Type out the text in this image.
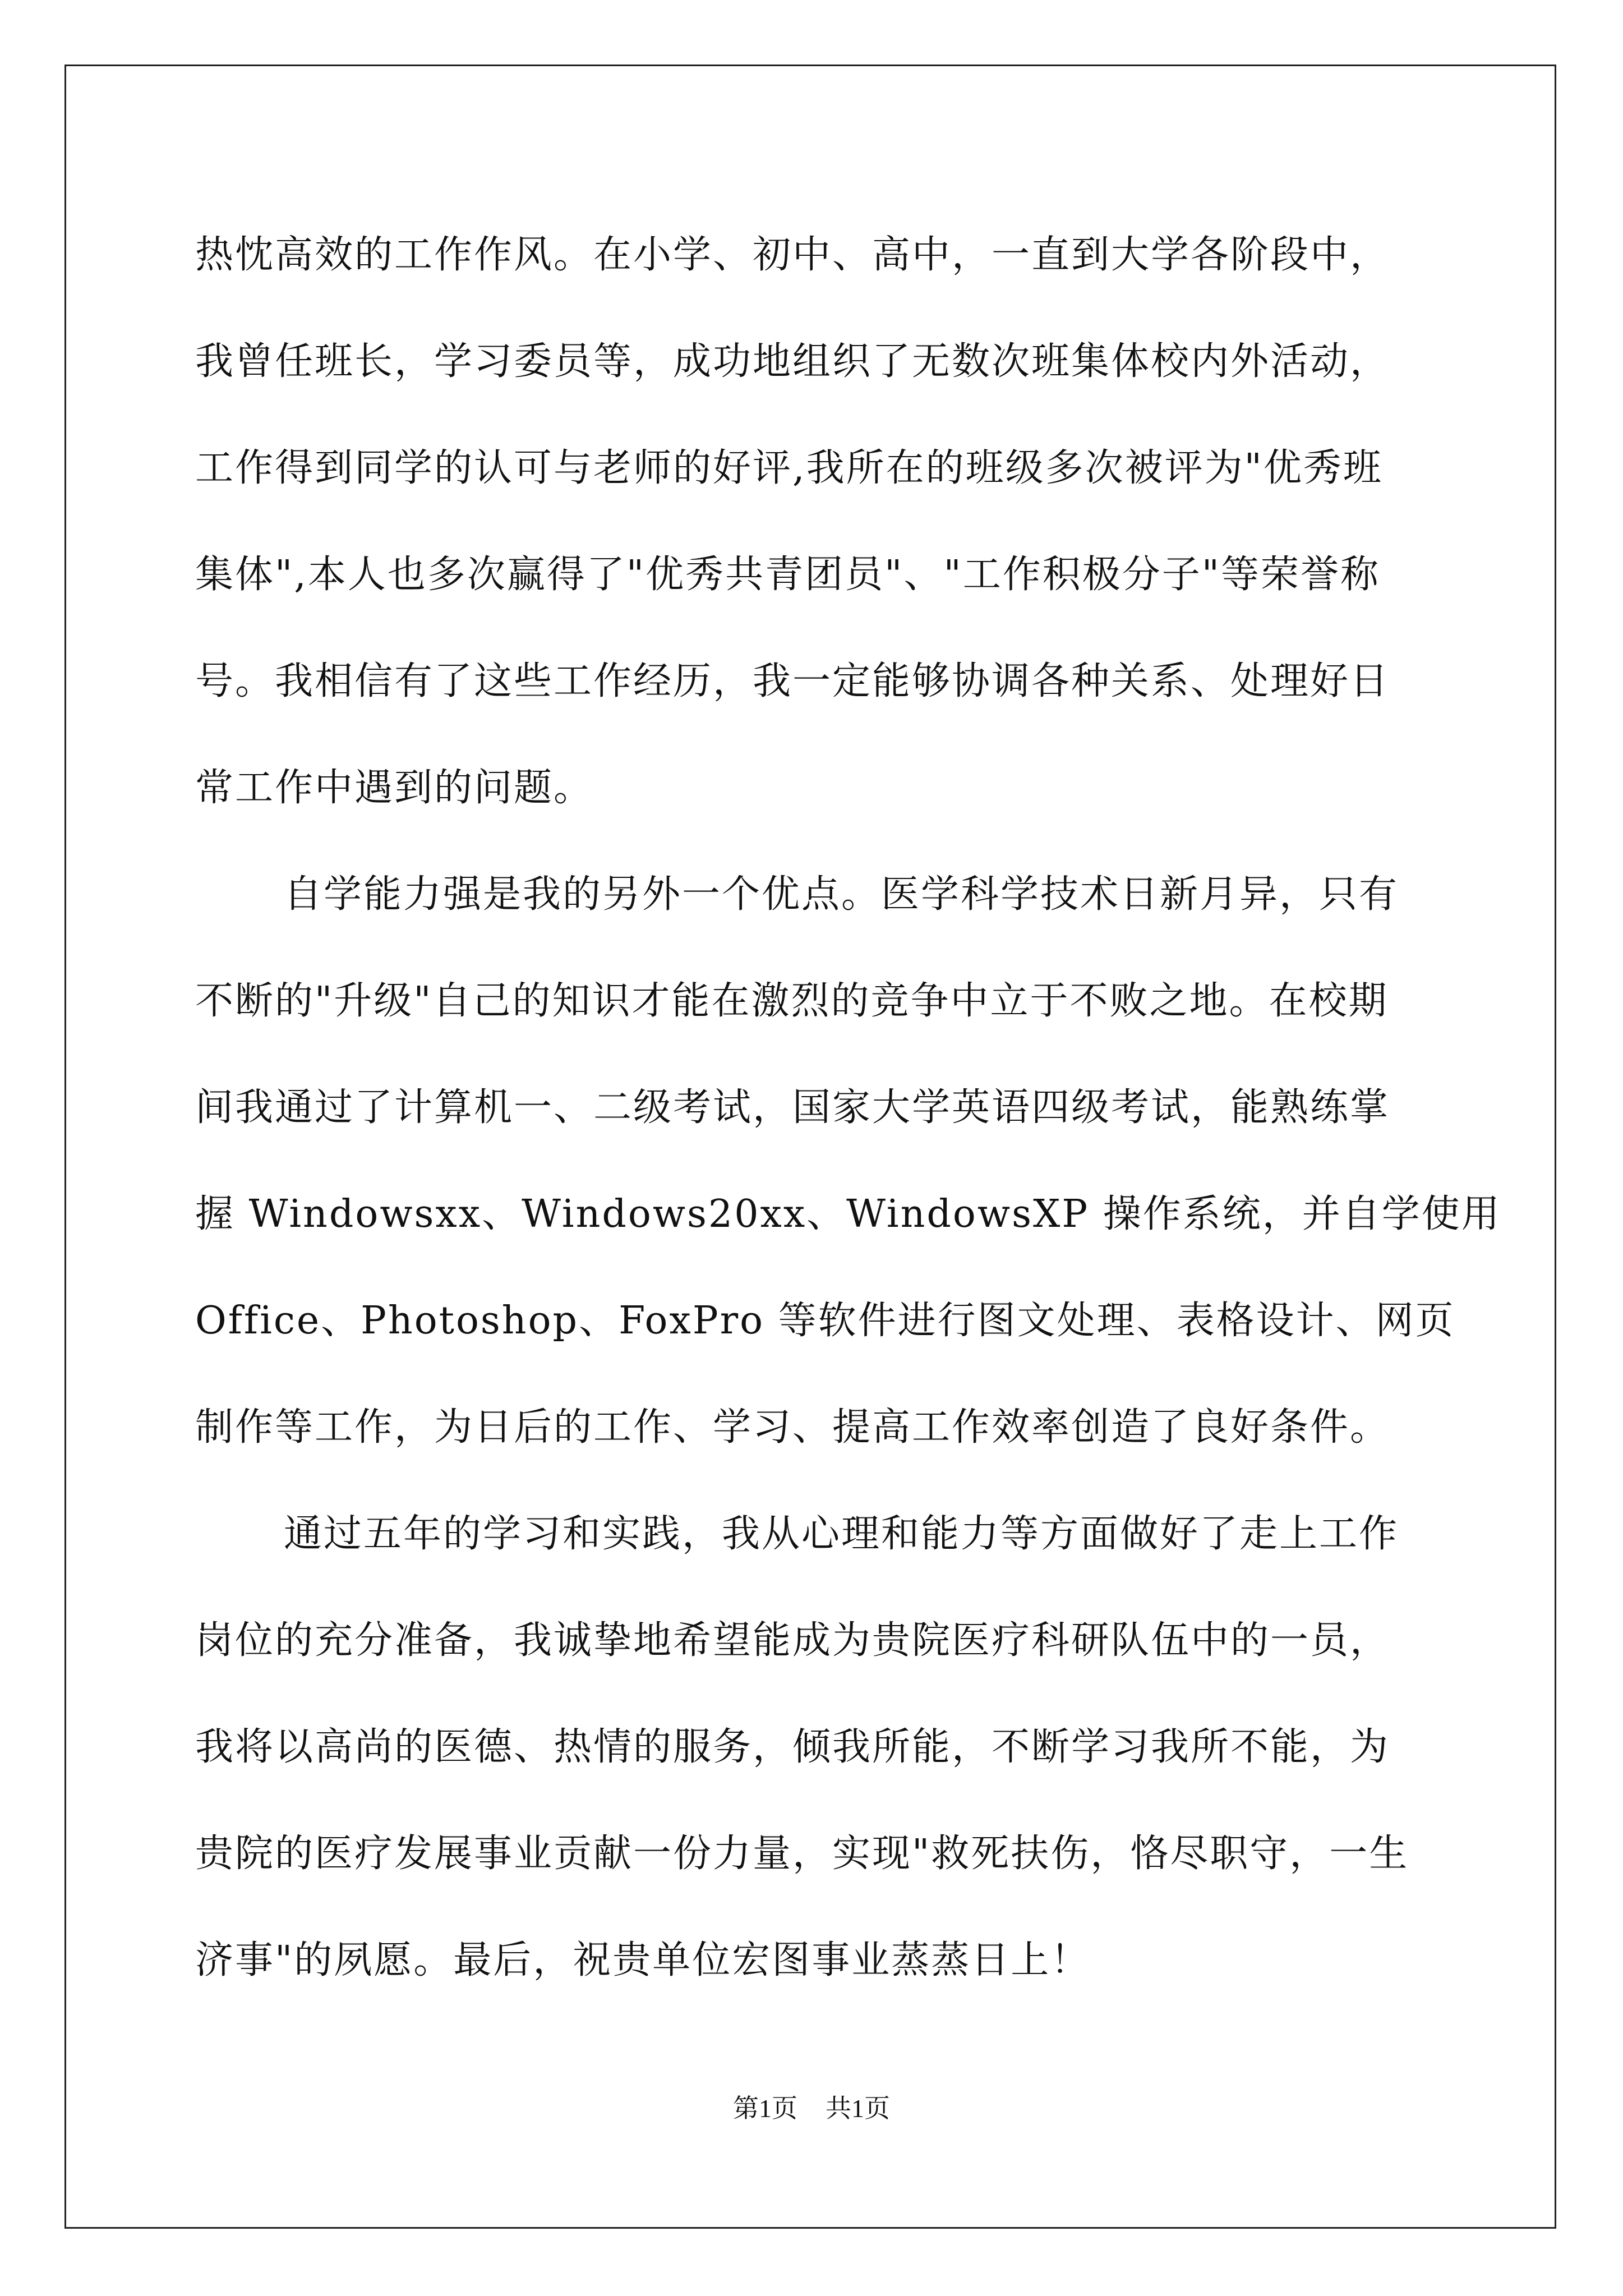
热忱高效的工作作风。在小学、初中、高中，一直到大学各阶段中，
我曾任班长，学习委员等，成功地组织了无数次班集体校内外活动，
工作得到同学的认可与老师的好评,我所在的班级多次被评为"优秀班
集体",本人也多次赢得了"优秀共青团员"、"工作积极分子"等荣誉称
号。我相信有了这些工作经历，我一定能够协调各种关系、处理好日
常工作中遇到的问题。
自学能力强是我的另外一个优点。医学科学技术日新月异，只有
不断的"升级"自己的知识才能在激烈的竞争中立于不败之地。在校期
间我通过了计算机一、二级考试，国家大学英语四级考试，能熟练掌
握 Windowsxx、Windows20xx、WindowsXP 操作系统，并自学使用
Office、Photoshop、FoxPro 等软件进行图文处理、表格设计、网页
制作等工作，为日后的工作、学习、提高工作效率创造了良好条件。
通过五年的学习和实践，我从心理和能力等方面做好了走上工作
岗位的充分准备，我诚挚地希望能成为贵院医疗科研队伍中的一员，
我将以高尚的医德、热情的服务，倾我所能，不断学习我所不能，为
贵院的医疗发展事业贡献一份力量，实现"救死扶伤，恪尽职守，一生
济事"的夙愿。最后，祝贵单位宏图事业蒸蒸日上！
第1页 共1页
